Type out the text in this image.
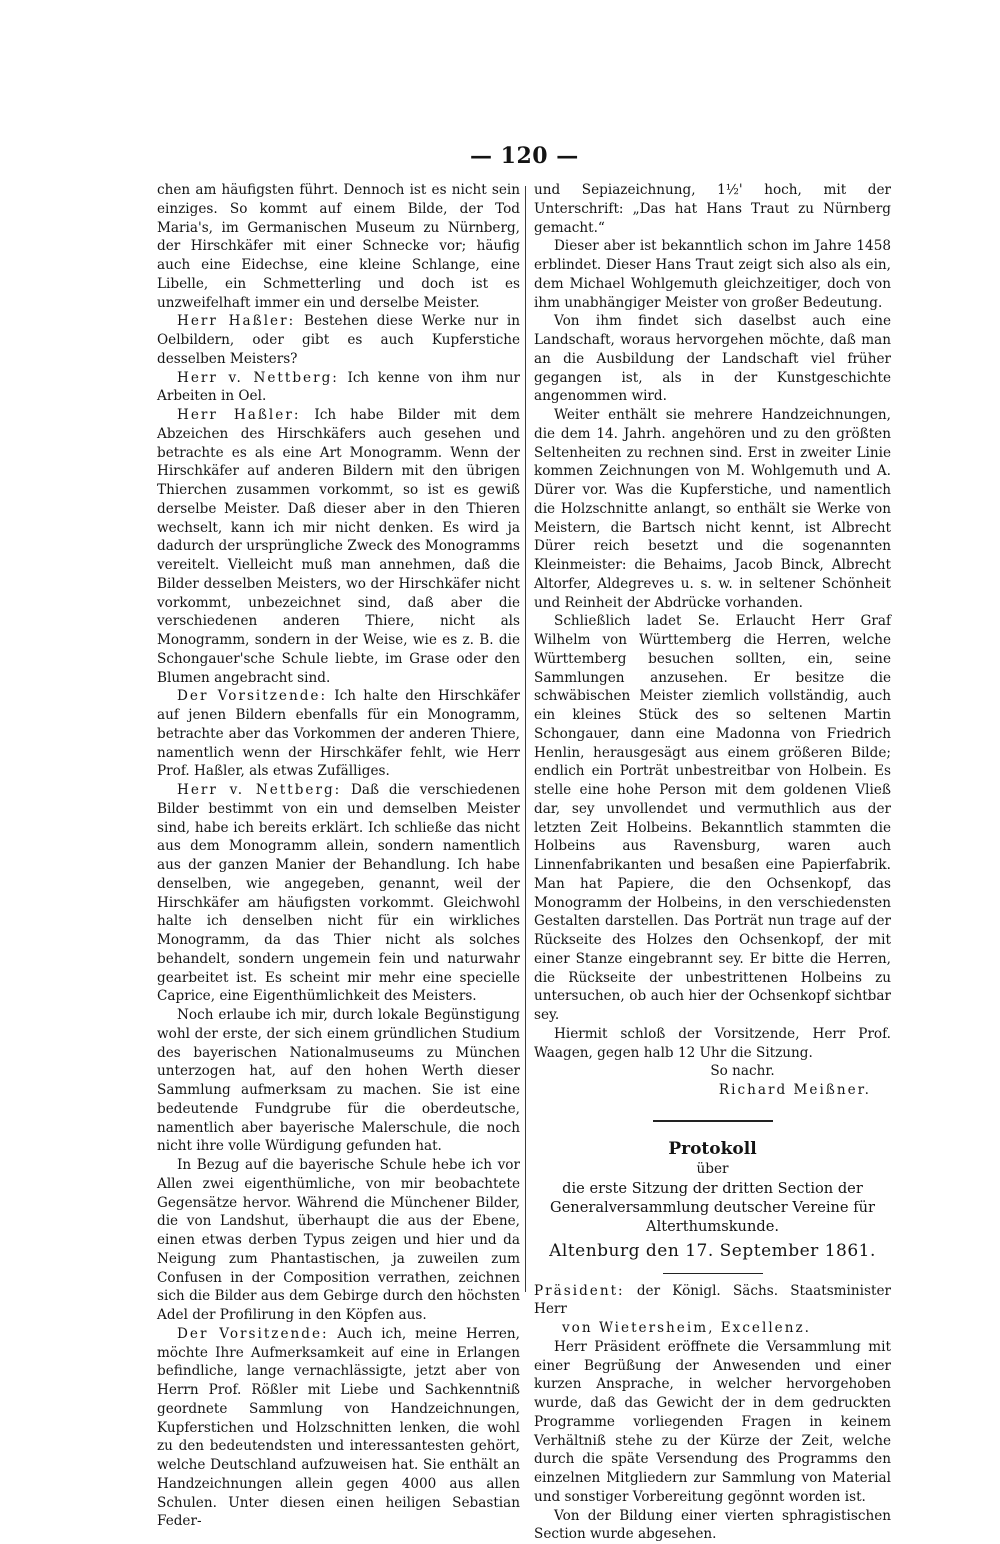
— 120 —

chen am häufigsten führt. Dennoch ist es nicht sein einziges. So kommt auf einem Bilde, der Tod Maria's, im Germanischen Museum zu Nürnberg, der Hirschkäfer mit einer Schnecke vor; häufig auch eine Eidechse, eine kleine Schlange, eine Libelle, ein Schmetterling und doch ist es unzweifelhaft immer ein und derselbe Meister.

Herr Haßler: Bestehen diese Werke nur in Oelbildern, oder gibt es auch Kupferstiche desselben Meisters?

Herr v. Nettberg: Ich kenne von ihm nur Arbeiten in Oel.

Herr Haßler: Ich habe Bilder mit dem Abzeichen des Hirschkäfers auch gesehen und betrachte es als eine Art Monogramm. Wenn der Hirschkäfer auf anderen Bildern mit den übrigen Thierchen zusammen vorkommt, so ist es gewiß derselbe Meister. Daß dieser aber in den Thieren wechselt, kann ich mir nicht denken. Es wird ja dadurch der ursprüngliche Zweck des Monogramms vereitelt. Vielleicht muß man annehmen, daß die Bilder desselben Meisters, wo der Hirschkäfer nicht vorkommt, unbezeichnet sind, daß aber die verschiedenen anderen Thiere, nicht als Monogramm, sondern in der Weise, wie es z. B. die Schongauer'sche Schule liebte, im Grase oder den Blumen angebracht sind.

Der Vorsitzende: Ich halte den Hirschkäfer auf jenen Bildern ebenfalls für ein Monogramm, betrachte aber das Vorkommen der anderen Thiere, namentlich wenn der Hirschkäfer fehlt, wie Herr Prof. Haßler, als etwas Zufälliges.

Herr v. Nettberg: Daß die verschiedenen Bilder bestimmt von ein und demselben Meister sind, habe ich bereits erklärt. Ich schließe das nicht aus dem Monogramm allein, sondern namentlich aus der ganzen Manier der Behandlung. Ich habe denselben, wie angegeben, genannt, weil der Hirschkäfer am häufigsten vorkommt. Gleichwohl halte ich denselben nicht für ein wirkliches Monogramm, da das Thier nicht als solches behandelt, sondern ungemein fein und naturwahr gearbeitet ist. Es scheint mir mehr eine specielle Caprice, eine Eigenthümlichkeit des Meisters.

Noch erlaube ich mir, durch lokale Begünstigung wohl der erste, der sich einem gründlichen Studium des bayerischen Nationalmuseums zu München unterzogen hat, auf den hohen Werth dieser Sammlung aufmerksam zu machen. Sie ist eine bedeutende Fundgrube für die oberdeutsche, namentlich aber bayerische Malerschule, die noch nicht ihre volle Würdigung gefunden hat.

In Bezug auf die bayerische Schule hebe ich vor Allen zwei eigenthümliche, von mir beobachtete Gegensätze hervor. Während die Münchener Bilder, die von Landshut, überhaupt die aus der Ebene, einen etwas derben Typus zeigen und hier und da Neigung zum Phantastischen, ja zuweilen zum Confusen in der Composition verrathen, zeichnen sich die Bilder aus dem Gebirge durch den höchsten Adel der Profilirung in den Köpfen aus.

Der Vorsitzende: Auch ich, meine Herren, möchte Ihre Aufmerksamkeit auf eine in Erlangen befindliche, lange vernachlässigte, jetzt aber von Herrn Prof. Rößler mit Liebe und Sachkenntniß geordnete Sammlung von Handzeichnungen, Kupferstichen und Holzschnitten lenken, die wohl zu den bedeutendsten und interessantesten gehört, welche Deutschland aufzuweisen hat. Sie enthält an Handzeichnungen allein gegen 4000 aus allen Schulen. Unter diesen einen heiligen Sebastian Feder-

und Sepiazeichnung, 1½' hoch, mit der Unterschrift: „Das hat Hans Traut zu Nürnberg gemacht.“

Dieser aber ist bekanntlich schon im Jahre 1458 erblindet. Dieser Hans Traut zeigt sich also als ein, dem Michael Wohlgemuth gleichzeitiger, doch von ihm unabhängiger Meister von großer Bedeutung.

Von ihm findet sich daselbst auch eine Landschaft, woraus hervorgehen möchte, daß man an die Ausbildung der Landschaft viel früher gegangen ist, als in der Kunstgeschichte angenommen wird.

Weiter enthält sie mehrere Handzeichnungen, die dem 14. Jahrh. angehören und zu den größten Seltenheiten zu rechnen sind. Erst in zweiter Linie kommen Zeichnungen von M. Wohlgemuth und A. Dürer vor. Was die Kupferstiche, und namentlich die Holzschnitte anlangt, so enthält sie Werke von Meistern, die Bartsch nicht kennt, ist Albrecht Dürer reich besetzt und die sogenannten Kleinmeister: die Behaims, Jacob Binck, Albrecht Altorfer, Aldegreves u. s. w. in seltener Schönheit und Reinheit der Abdrücke vorhanden.

Schließlich ladet Se. Erlaucht Herr Graf Wilhelm von Württemberg die Herren, welche Württemberg besuchen sollten, ein, seine Sammlungen anzusehen. Er besitze die schwäbischen Meister ziemlich vollständig, auch ein kleines Stück des so seltenen Martin Schongauer, dann eine Madonna von Friedrich Henlin, herausgesägt aus einem größeren Bilde; endlich ein Porträt unbestreitbar von Holbein. Es stelle eine hohe Person mit dem goldenen Vließ dar, sey unvollendet und vermuthlich aus der letzten Zeit Holbeins. Bekanntlich stammten die Holbeins aus Ravensburg, waren auch Linnenfabrikanten und besaßen eine Papierfabrik. Man hat Papiere, die den Ochsenkopf, das Monogramm der Holbeins, in den verschiedensten Gestalten darstellen. Das Porträt nun trage auf der Rückseite des Holzes den Ochsenkopf, der mit einer Stanze eingebrannt sey. Er bitte die Herren, die Rückseite der unbestrittenen Holbeins zu untersuchen, ob auch hier der Ochsenkopf sichtbar sey.

Hiermit schloß der Vorsitzende, Herr Prof. Waagen, gegen halb 12 Uhr die Sitzung.

So nachr.

Richard Meißner.

Protokoll
über
die erste Sitzung der dritten Section der Generalversammlung deutscher Vereine für Alterthumskunde.
Altenburg den 17. September 1861.

Präsident: der Königl. Sächs. Staatsminister Herr
von Wietersheim, Excellenz.

Herr Präsident eröffnete die Versammlung mit einer Begrüßung der Anwesenden und einer kurzen Ansprache, in welcher hervorgehoben wurde, daß das Gewicht der in dem gedruckten Programme vorliegenden Fragen in keinem Verhältniß stehe zu der Kürze der Zeit, welche durch die späte Versendung des Programms den einzelnen Mitgliedern zur Sammlung von Material und sonstiger Vorbereitung gegönnt worden ist.

Von der Bildung einer vierten sphragistischen Section wurde abgesehen.
